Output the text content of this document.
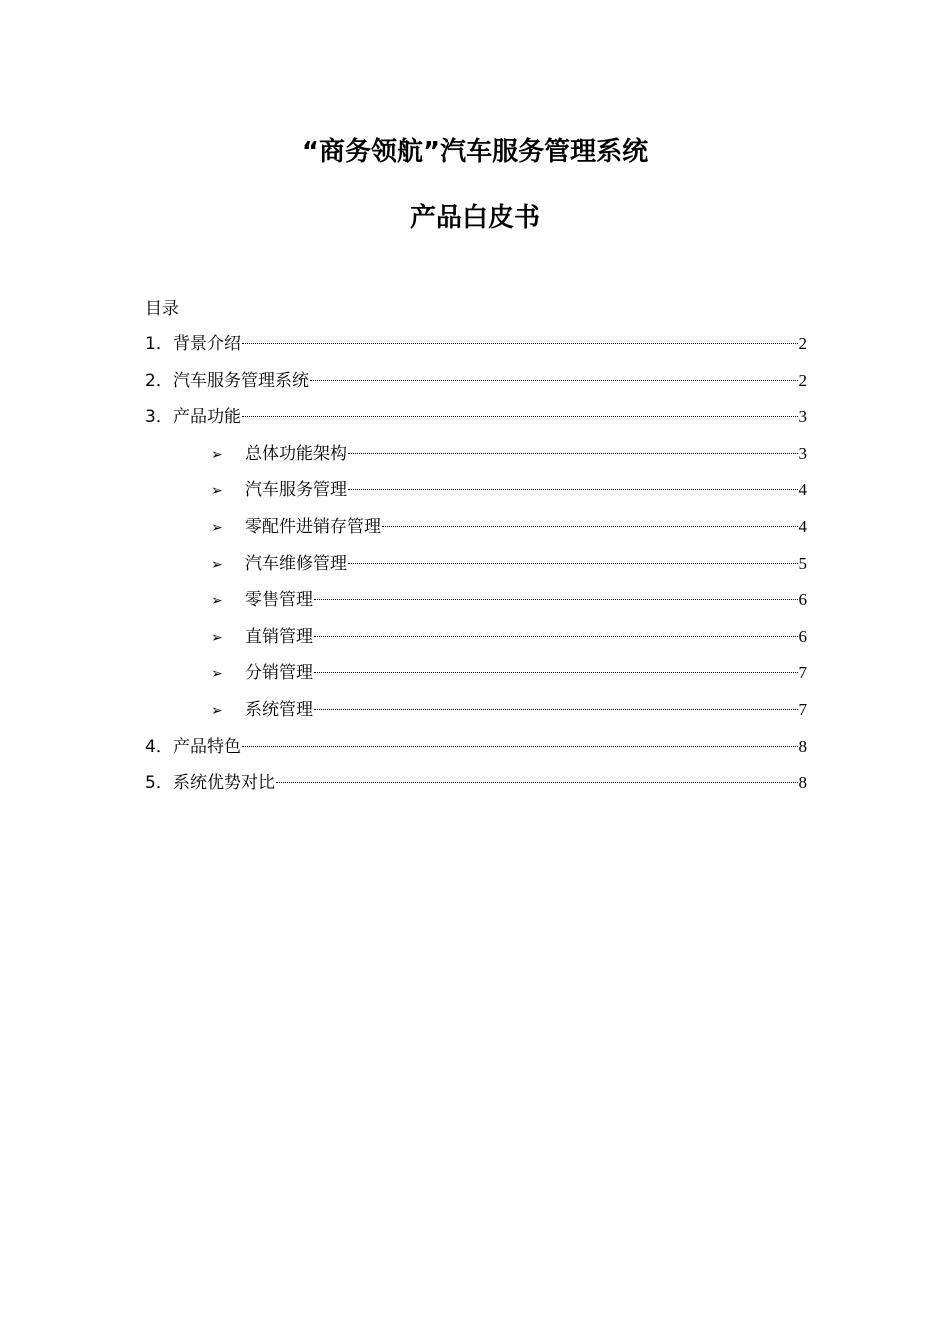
“商务领航”汽车服务管理系统
产品白皮书
目录
1． 背景介绍	2
2． 汽车服务管理系统	2
3． 产品功能	3
➢	总体功能架构	3
➢	汽车服务管理	4
➢	零配件进销存管理	4
➢	汽车维修管理	5
➢	零售管理	6
➢	直销管理	6
➢	分销管理	7
➢	系统管理	7
4． 产品特色	8
5． 系统优势对比	8
